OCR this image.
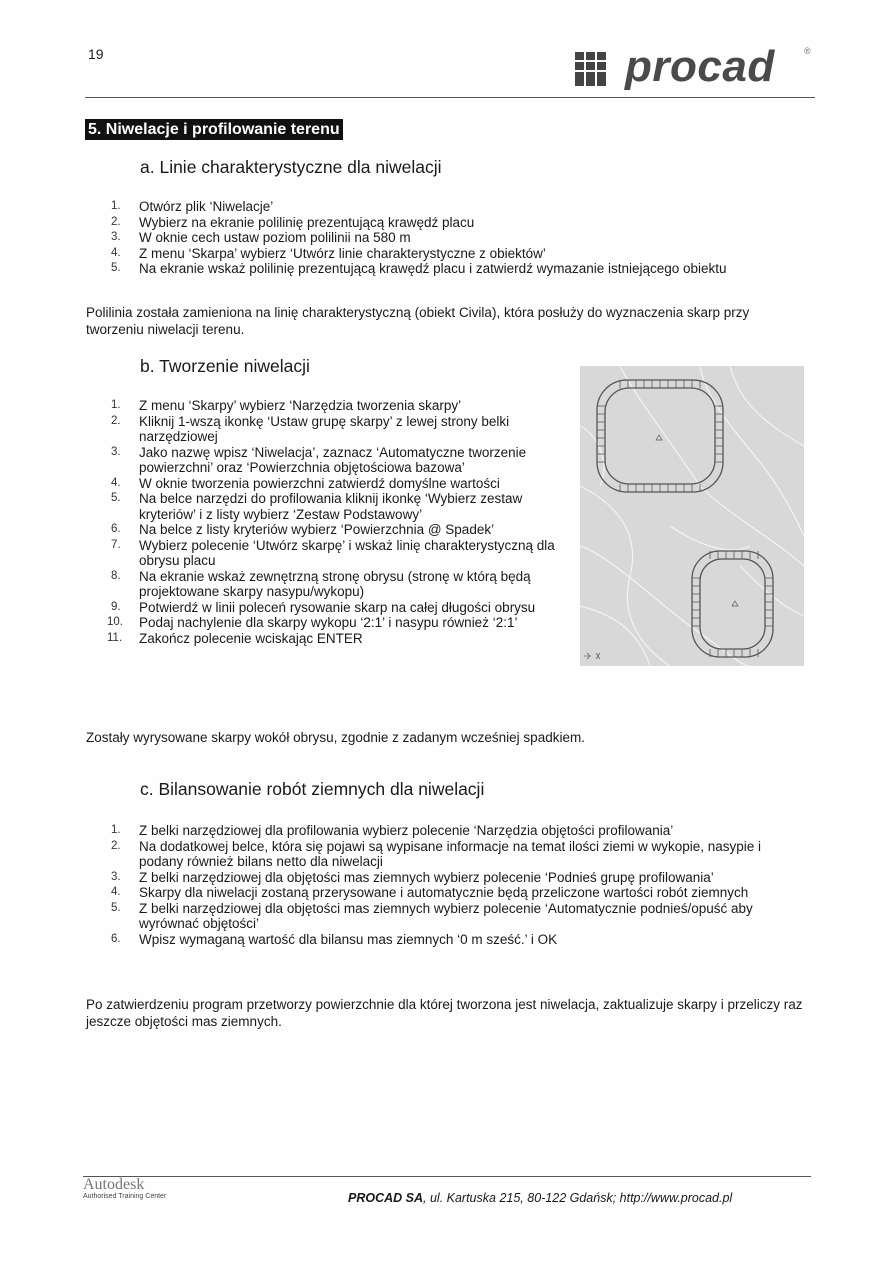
19	procad	®
5. Niwelacje i profilowanie terenu
a. Linie charakterystyczne dla niwelacji
1. Otwórz plik ‘Niwelacje’
2. Wybierz na ekranie polilinię prezentującą krawędź placu
3. W oknie cech ustaw poziom polilinii na 580 m
4. Z menu ‘Skarpa’ wybierz ‘Utwórz linie charakterystyczne z obiektów’
5. Na ekranie wskaż polilinię prezentującą krawędź placu i zatwierdź wymazanie istniejącego obiektu
Polilinia została zamieniona na linię charakterystyczną (obiekt Civila), która posłuży do wyznaczenia skarp przy tworzeniu niwelacji terenu.
b. Tworzenie niwelacji
1. Z menu ‘Skarpy’ wybierz ‘Narzędzia tworzenia skarpy’
2. Kliknij 1-wszą ikonkę ‘Ustaw grupę skarpy’ z lewej strony belki narzędziowej
3. Jako nazwę wpisz ‘Niwelacja’, zaznacz ‘Automatyczne tworzenie powierzchni’ oraz ‘Powierzchnia objętościowa bazowa’
4. W oknie tworzenia powierzchni zatwierdź domyślne wartości
5. Na belce narzędzi do profilowania kliknij ikonkę ‘Wybierz zestaw kryteriów’ i z listy wybierz ‘Zestaw Podstawowy’
6. Na belce z listy kryteriów wybierz ‘Powierzchnia @ Spadek’
7. Wybierz polecenie ‘Utwórz skarpę’ i wskaż linię charakterystyczną dla obrysu placu
8. Na ekranie wskaż zewnętrzną stronę obrysu (stronę w którą będą projektowane skarpy nasypu/wykopu)
9. Potwierdź w linii poleceń rysowanie skarp na całej długości obrysu
10. Podaj nachylenie dla skarpy wykopu ‘2:1’ i nasypu również ‘2:1’
11. Zakończ polecenie wciskając ENTER
Zostały wyrysowane skarpy wokół obrysu, zgodnie z zadanym wcześniej spadkiem.
c. Bilansowanie robót ziemnych dla niwelacji
1. Z belki narzędziowej dla profilowania wybierz polecenie ‘Narzędzia objętości profilowania’
2. Na dodatkowej belce, która się pojawi są wypisane informacje na temat ilości ziemi w wykopie, nasypie i podany również bilans netto dla niwelacji
3. Z belki narzędziowej dla objętości mas ziemnych wybierz polecenie ‘Podnieś grupę profilowania’
4. Skarpy dla niwelacji zostaną przerysowane i automatycznie będą przeliczone wartości robót ziemnych
5. Z belki narzędziowej dla objętości mas ziemnych wybierz polecenie ‘Automatycznie podnieś/opuść aby wyrównać objętości’
6. Wpisz wymaganą wartość dla bilansu mas ziemnych ‘0 m sześć.’ i OK
Po zatwierdzeniu program przetworzy powierzchnie dla której tworzona jest niwelacja, zaktualizuje skarpy i przeliczy raz jeszcze objętości mas ziemnych.
Autodesk
Authorised Training Center	PROCAD SA, ul. Kartuska 215, 80-122 Gdańsk; http://www.procad.pl
